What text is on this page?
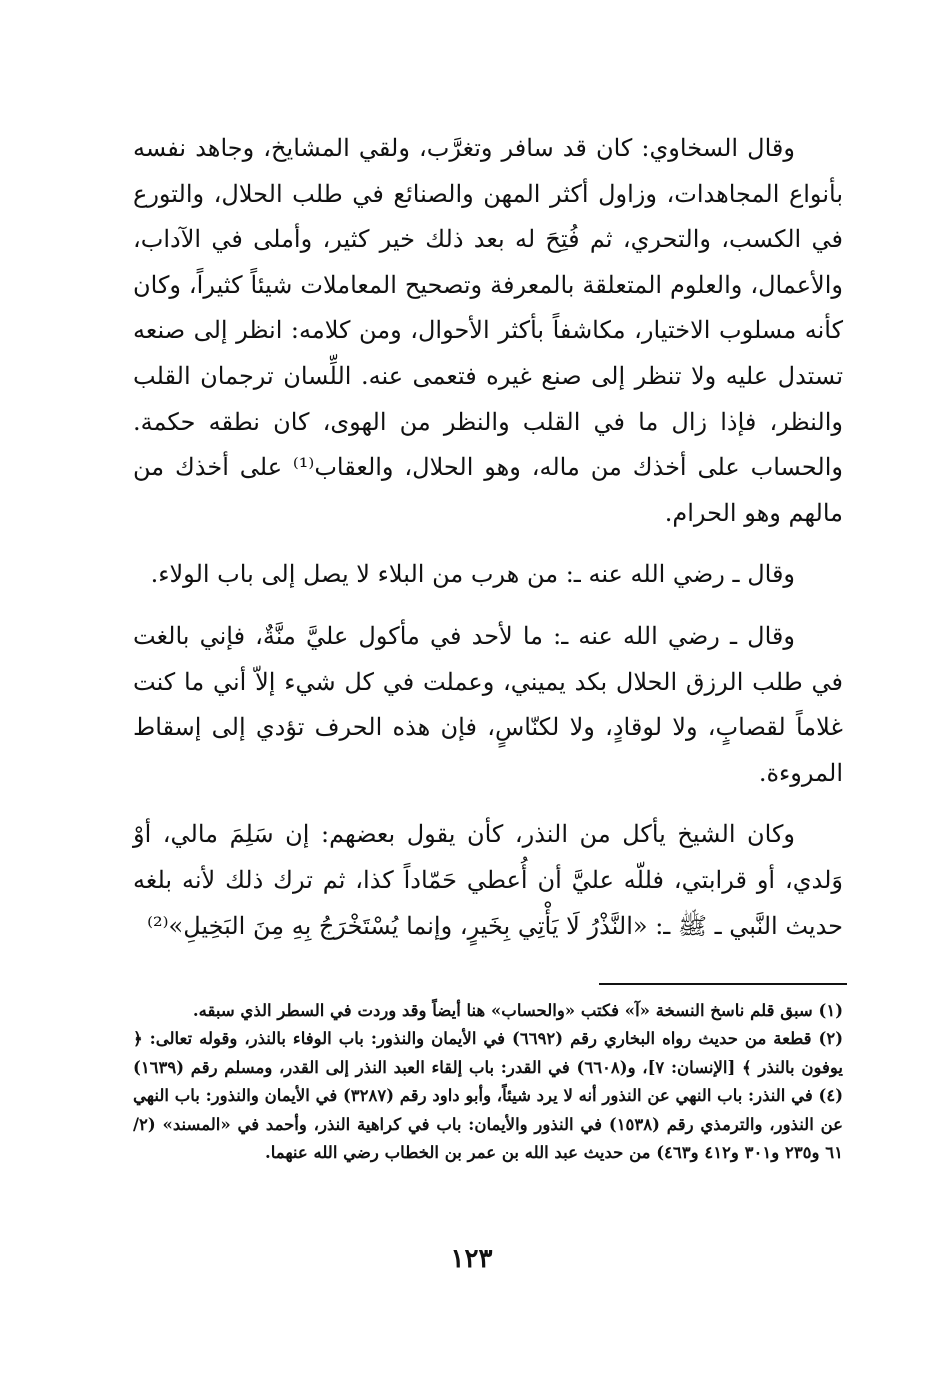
وقال السخاوي: كان قد سافر وتغرَّب، ولقي المشايخ، وجاهد نفسه بأنواع المجاهدات، وزاول أكثر المهن والصنائع في طلب الحلال، والتورع في الكسب، والتحري، ثم فُتِحَ له بعد ذلك خير كثير، وأملى في الآداب، والأعمال، والعلوم المتعلقة بالمعرفة وتصحيح المعاملات شيئاً كثيراً، وكان كأنه مسلوب الاختيار، مكاشفاً بأكثر الأحوال، ومن كلامه: انظر إلى صنعه تستدل عليه ولا تنظر إلى صنع غيره فتعمى عنه. اللِّسان ترجمان القلب والنظر، فإذا زال ما في القلب والنظر من الهوى، كان نطقه حكمة. والحساب على أخذك من ماله، وهو الحلال، والعقاب⁽¹⁾ على أخذك من مالهم وهو الحرام.

وقال ـ رضي الله عنه ـ: من هرب من البلاء لا يصل إلى باب الولاء.

وقال ـ رضي الله عنه ـ: ما لأحد في مأكول عليَّ منَّةٌ، فإني بالغت في طلب الرزق الحلال بكد يميني، وعملت في كل شيء إلاّ أني ما كنت غلاماً لقصابٍ، ولا لوقادٍ، ولا لكنّاسٍ، فإن هذه الحرف تؤدي إلى إسقاط المروءة.

وكان الشيخ يأكل من النذر، كأن يقول بعضهم: إن سَلِمَ مالي، أوْ وَلدي، أو قرابتي، فللّه عليَّ أن أُعطي حَمّاداً كذا، ثم ترك ذلك لأنه بلغه حديث النَّبي ـ ﷺ ـ: «النَّذْرُ لَا يَأْتِي بِخَيرٍ، وإنما يُسْتَخْرَجُ بِهِ مِنَ البَخِيلِ»⁽²⁾

(١) سبق قلم ناسخ النسخة «آ» فكتب «والحساب» هنا أيضاً وقد وردت في السطر الذي سبقه.

(٢) قطعة من حديث رواه البخاري رقم (٦٦٩٢) في الأيمان والنذور: باب الوفاء بالنذر، وقوله تعالى: ﴿ يوفون بالنذر ﴾ [الإنسان: ٧]، و(٦٦٠٨) في القدر: باب إلقاء العبد النذر إلى القدر، ومسلم رقم (١٦٣٩) (٤) في النذر: باب النهي عن النذور أنه لا يرد شيئاً، وأبو داود رقم (٣٢٨٧) في الأيمان والنذور: باب النهي عن النذور، والترمذي رقم (١٥٣٨) في النذور والأيمان: باب في كراهية النذر، وأحمد في «المسند» (٢/ ٦١ و٢٣٥ و٣٠١ و٤١٢ و٤٦٣) من حديث عبد الله بن عمر بن الخطاب رضي الله عنهما.

١٢٣
